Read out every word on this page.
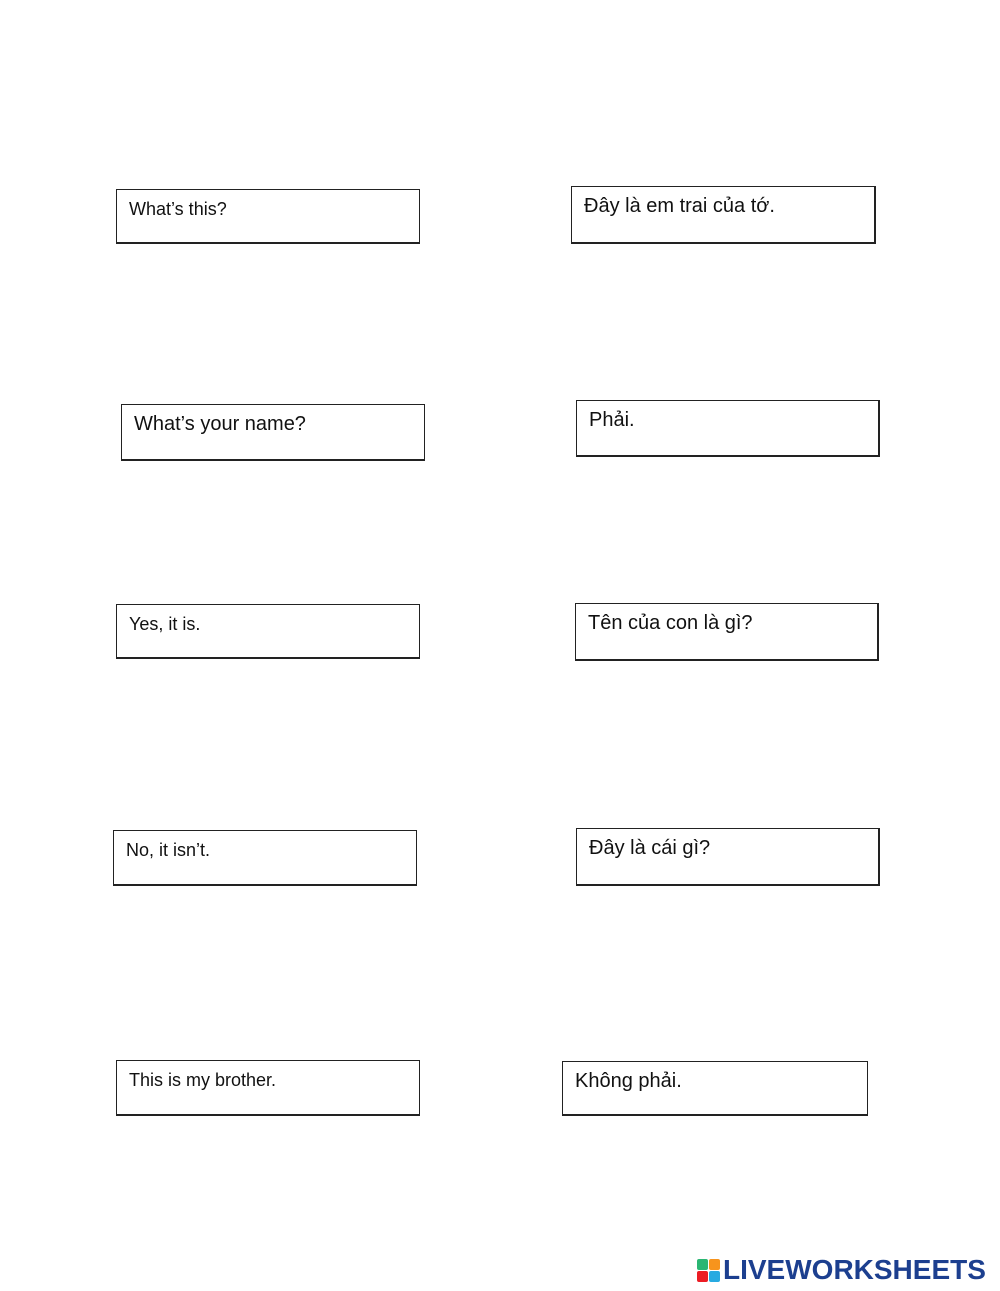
What’s this?
What’s your name?
Yes, it is.
No, it isn’t.
This is my brother.
Đây là em trai của tớ.
Phải.
Tên của con là gì?
Đây là cái gì?
Không phải.
LIVEWORKSHEETS
